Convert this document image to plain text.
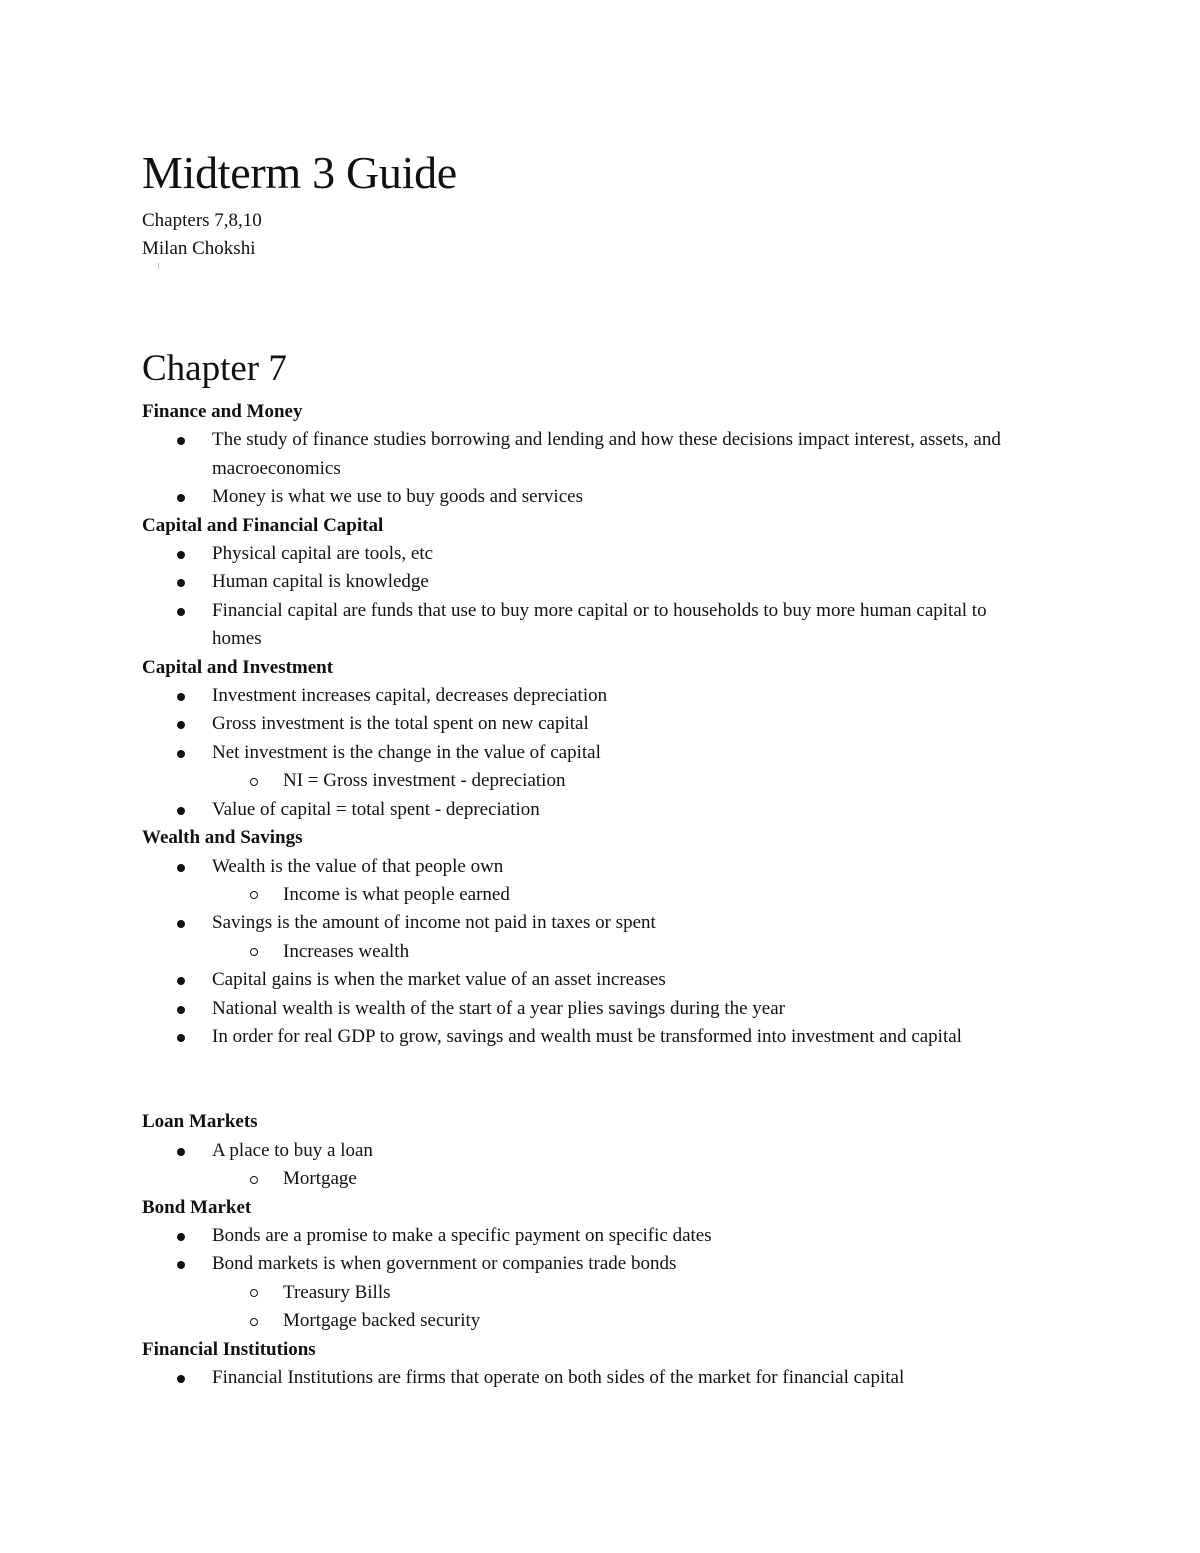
Midterm 3 Guide

Chapters 7,8,10

Milan Chokshi

Chapter 7
Finance and Money
The study of finance studies borrowing and lending and how these decisions impact interest, assets, and macroeconomics
Money is what we use to buy goods and services
Capital and Financial Capital
Physical capital are tools, etc
Human capital is knowledge
Financial capital are funds that use to buy more capital or to households to buy more human capital to homes
Capital and Investment
Investment increases capital, decreases depreciation
Gross investment is the total spent on new capital
Net investment is the change in the value of capital
NI = Gross investment - depreciation
Value of capital = total spent - depreciation
Wealth and Savings
Wealth is the value of that people own
Income is what people earned
Savings is the amount of income not paid in taxes or spent
Increases wealth
Capital gains is when the market value of an asset increases
National wealth is wealth of the start of a year plies savings during the year
In order for real GDP to grow, savings and wealth must be transformed into investment and capital
Loan Markets
A place to buy a loan
Mortgage
Bond Market
Bonds are a promise to make a specific payment on specific dates
Bond markets is when government or companies trade bonds
Treasury Bills
Mortgage backed security
Financial Institutions
Financial Institutions are firms that operate on both sides of the market for financial capital
